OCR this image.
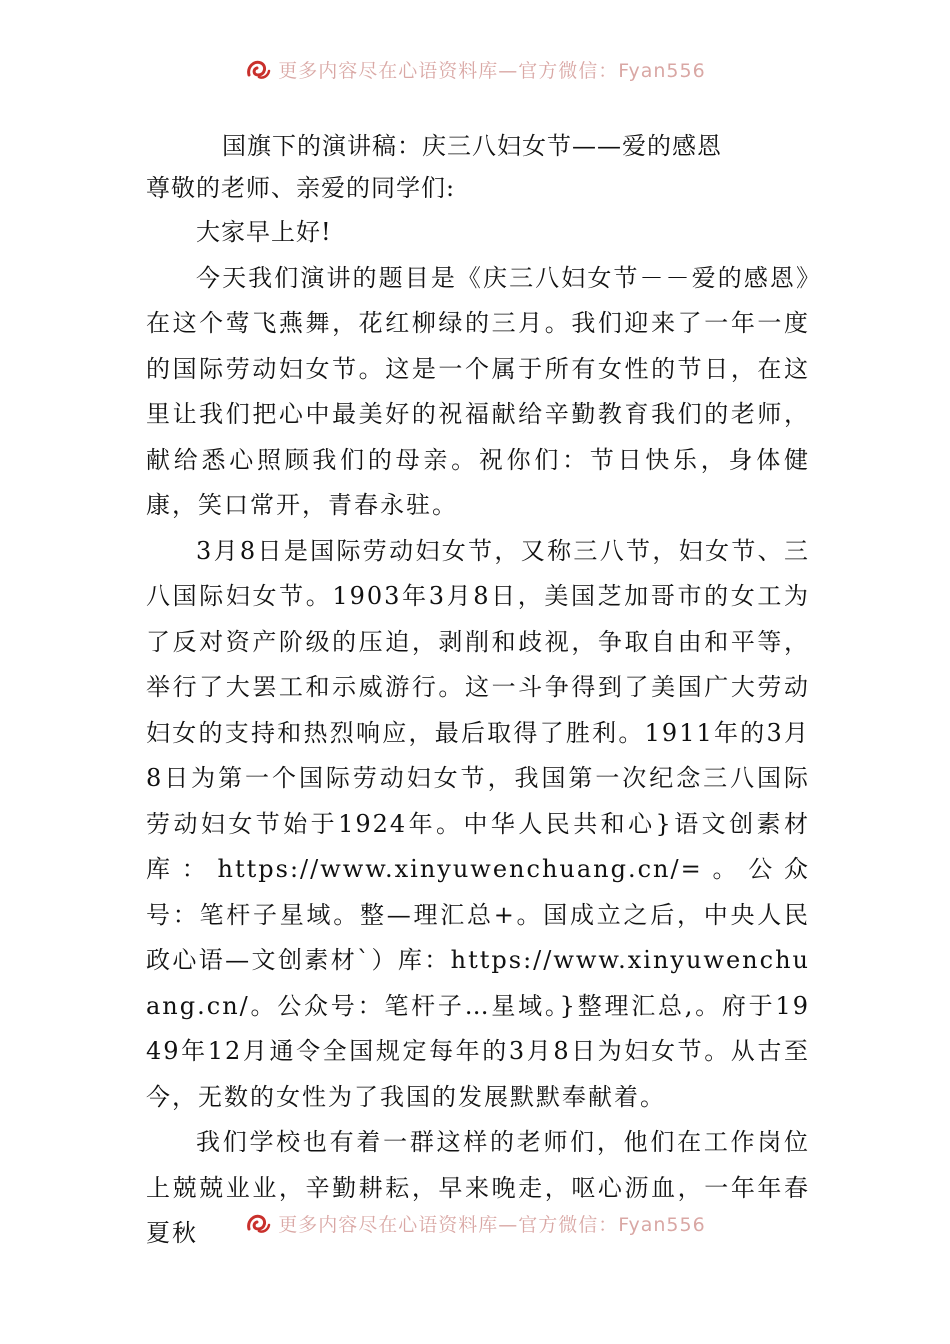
更多内容尽在心语资料库—官方微信：Fyan556

国旗下的演讲稿：庆三八妇女节——爱的感恩

尊敬的老师、亲爱的同学们:

大家早上好!

今天我们演讲的题目是《庆三八妇女节－－爱的感恩》在这个莺飞燕舞，花红柳绿的三月。我们迎来了一年一度的国际劳动妇女节。这是一个属于所有女性的节日，在这里让我们把心中最美好的祝福献给辛勤教育我们的老师，献给悉心照顾我们的母亲。祝你们：节日快乐，身体健康，笑口常开，青春永驻。

3月8日是国际劳动妇女节，又称三八节，妇女节、三八国际妇女节。1903年3月8日，美国芝加哥市的女工为了反对资产阶级的压迫，剥削和歧视，争取自由和平等，举行了大罢工和示威游行。这一斗争得到了美国广大劳动妇女的支持和热烈响应，最后取得了胜利。1911年的3月8日为第一个国际劳动妇女节，我国第一次纪念三八国际劳动妇女节始于1924年。中华人民共和心}语文创素材库：https://www.xinyuwenchuang.cn/=。公众号：笔杆子星域。整—理汇总+。国成立之后，中央人民政心语—文创素材`）库：https://www.xinyuwenchuang.cn/。公众号：笔杆子…星域。}整理汇总,。府于1949年12月通令全国规定每年的3月8日为妇女节。从古至今，无数的女性为了我国的发展默默奉献着。

我们学校也有着一群这样的老师们，他们在工作岗位上兢兢业业，辛勤耕耘，早来晚走，呕心沥血，一年年春夏秋	更多内容尽在心语资料库—官方微信：Fyan556
